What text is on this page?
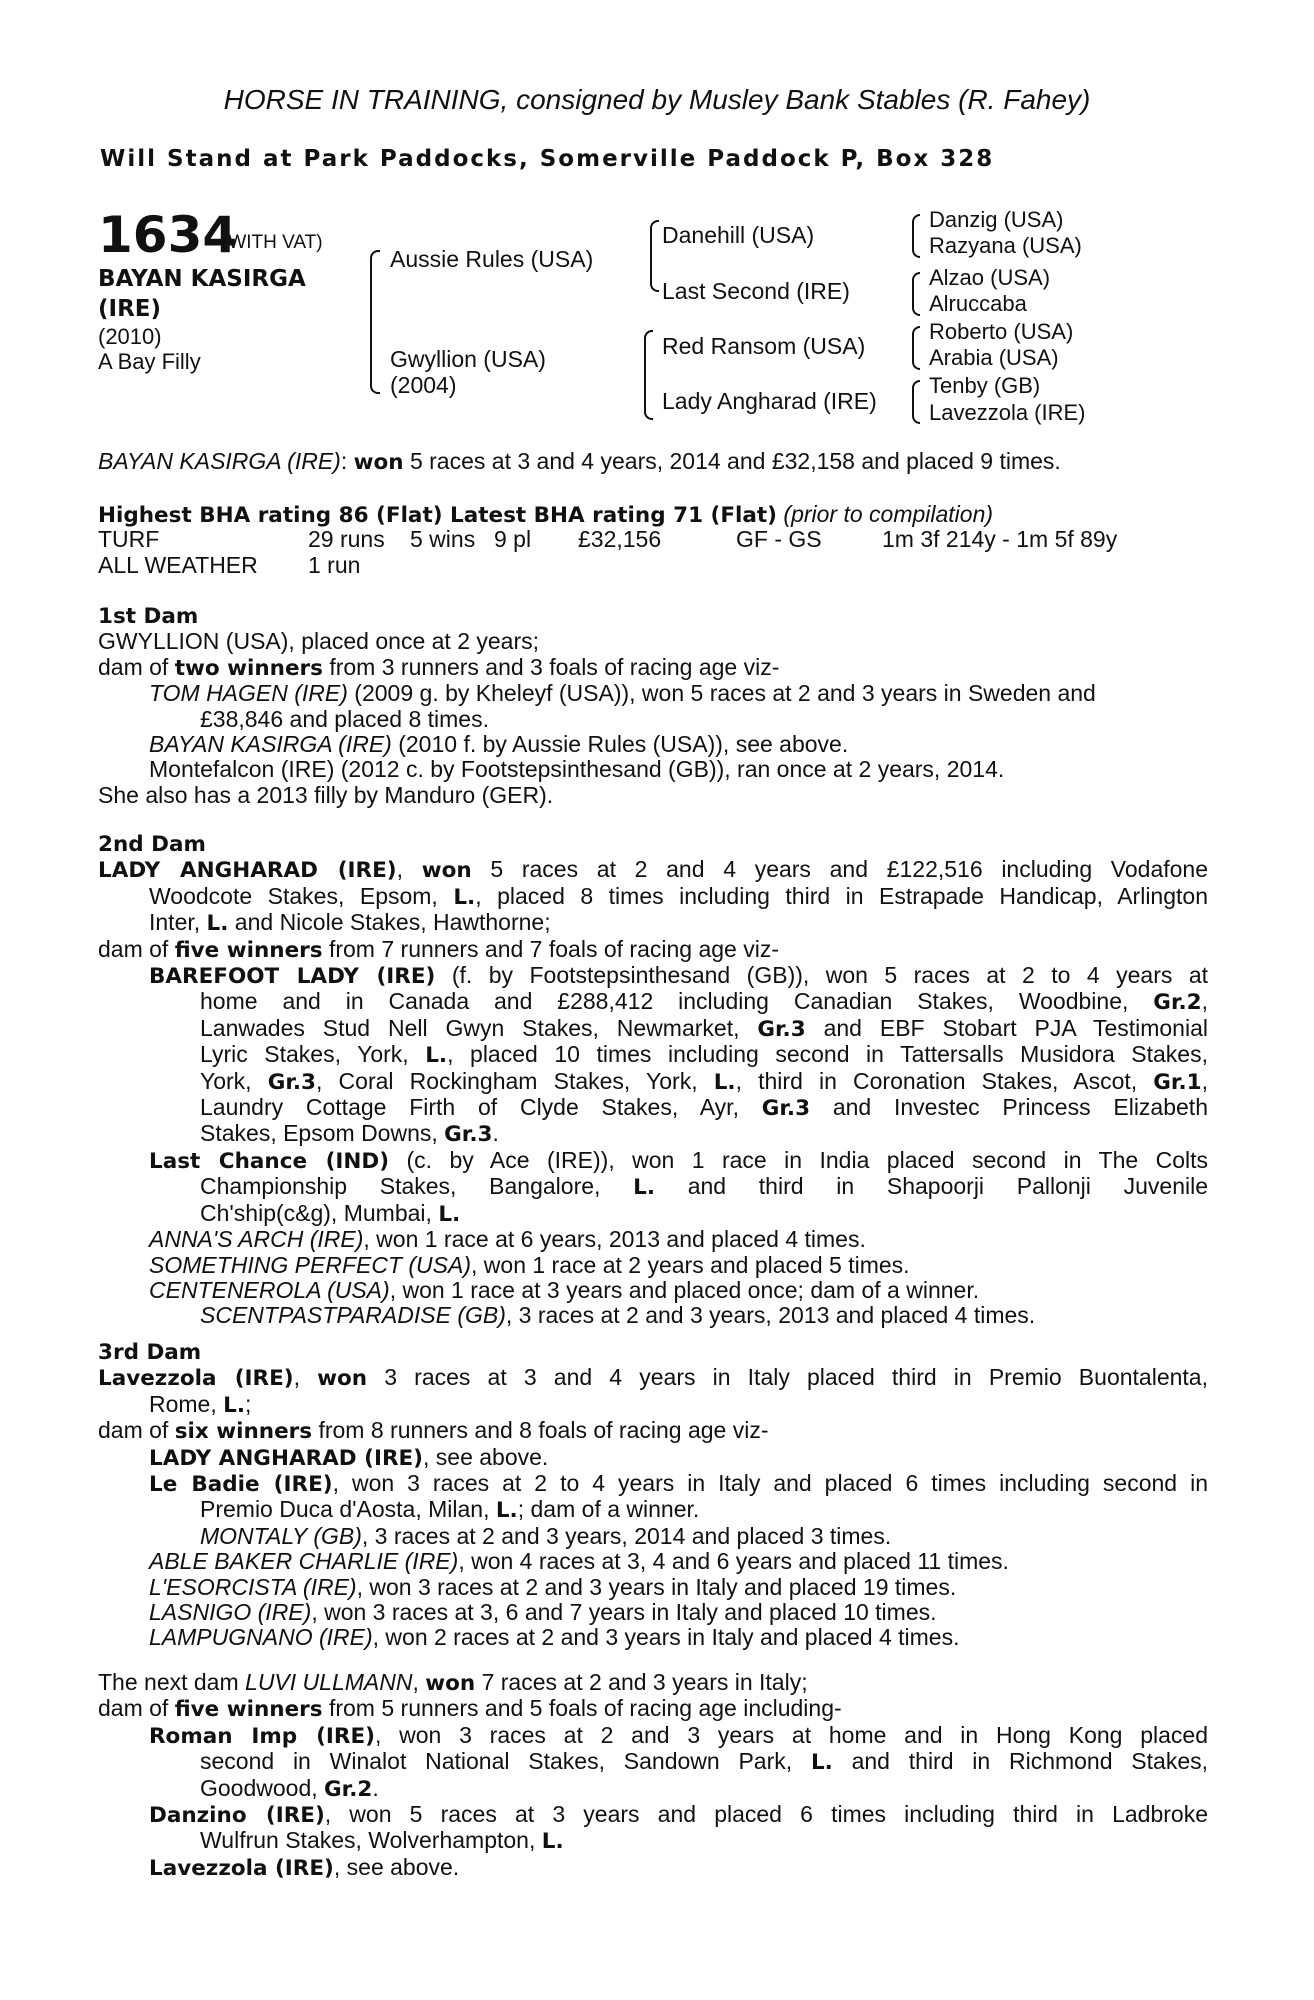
HORSE IN TRAINING, consigned by Musley Bank Stables (R. Fahey)
Will Stand at Park Paddocks, Somerville Paddock P, Box 328
1634
(WITH VAT)
BAYAN KASIRGA
(IRE)
(2010)
A Bay Filly
Aussie Rules (USA)
Gwyllion (USA)
(2004)
Danehill (USA)
Last Second (IRE)
Red Ransom (USA)
Lady Angharad (IRE)
Danzig (USA)
Razyana (USA)
Alzao (USA)
Alruccaba
Roberto (USA)
Arabia (USA)
Tenby (GB)
Lavezzola (IRE)
BAYAN KASIRGA (IRE): won 5 races at 3 and 4 years, 2014 and £32,158 and placed 9 times.
Highest BHA rating 86 (Flat) Latest BHA rating 71 (Flat) (prior to compilation)
TURF	29 runs 5 wins 9 pl £32,156	GF - GS	1m 3f 214y - 1m 5f 89y
ALL WEATHER 1 run
1st Dam
GWYLLION (USA), placed once at 2 years;
dam of two winners from 3 runners and 3 foals of racing age viz-
TOM HAGEN (IRE) (2009 g. by Kheleyf (USA)), won 5 races at 2 and 3 years in Sweden and
£38,846 and placed 8 times.
BAYAN KASIRGA (IRE) (2010 f. by Aussie Rules (USA)), see above.
Montefalcon (IRE) (2012 c. by Footstepsinthesand (GB)), ran once at 2 years, 2014.
She also has a 2013 filly by Manduro (GER).
2nd Dam
LADY ANGHARAD (IRE), won 5 races at 2 and 4 years and £122,516 including Vodafone
Woodcote Stakes, Epsom, L., placed 8 times including third in Estrapade Handicap, Arlington
Inter, L. and Nicole Stakes, Hawthorne;
dam of five winners from 7 runners and 7 foals of racing age viz-
BAREFOOT LADY (IRE) (f. by Footstepsinthesand (GB)), won 5 races at 2 to 4 years at
home and in Canada and £288,412 including Canadian Stakes, Woodbine, Gr.2,
Lanwades Stud Nell Gwyn Stakes, Newmarket, Gr.3 and EBF Stobart PJA Testimonial
Lyric Stakes, York, L., placed 10 times including second in Tattersalls Musidora Stakes,
York, Gr.3, Coral Rockingham Stakes, York, L., third in Coronation Stakes, Ascot, Gr.1,
Laundry Cottage Firth of Clyde Stakes, Ayr, Gr.3 and Investec Princess Elizabeth
Stakes, Epsom Downs, Gr.3.
Last Chance (IND) (c. by Ace (IRE)), won 1 race in India placed second in The Colts
Championship Stakes, Bangalore, L. and third in Shapoorji Pallonji Juvenile
Ch'ship(c&g), Mumbai, L.
ANNA'S ARCH (IRE), won 1 race at 6 years, 2013 and placed 4 times.
SOMETHING PERFECT (USA), won 1 race at 2 years and placed 5 times.
CENTENEROLA (USA), won 1 race at 3 years and placed once; dam of a winner.
SCENTPASTPARADISE (GB), 3 races at 2 and 3 years, 2013 and placed 4 times.
3rd Dam
Lavezzola (IRE), won 3 races at 3 and 4 years in Italy placed third in Premio Buontalenta,
Rome, L.;
dam of six winners from 8 runners and 8 foals of racing age viz-
LADY ANGHARAD (IRE), see above.
Le Badie (IRE), won 3 races at 2 to 4 years in Italy and placed 6 times including second in
Premio Duca d'Aosta, Milan, L.; dam of a winner.
MONTALY (GB), 3 races at 2 and 3 years, 2014 and placed 3 times.
ABLE BAKER CHARLIE (IRE), won 4 races at 3, 4 and 6 years and placed 11 times.
L'ESORCISTA (IRE), won 3 races at 2 and 3 years in Italy and placed 19 times.
LASNIGO (IRE), won 3 races at 3, 6 and 7 years in Italy and placed 10 times.
LAMPUGNANO (IRE), won 2 races at 2 and 3 years in Italy and placed 4 times.
The next dam LUVI ULLMANN, won 7 races at 2 and 3 years in Italy;
dam of five winners from 5 runners and 5 foals of racing age including-
Roman Imp (IRE), won 3 races at 2 and 3 years at home and in Hong Kong placed
second in Winalot National Stakes, Sandown Park, L. and third in Richmond Stakes,
Goodwood, Gr.2.
Danzino (IRE), won 5 races at 3 years and placed 6 times including third in Ladbroke
Wulfrun Stakes, Wolverhampton, L.
Lavezzola (IRE), see above.
